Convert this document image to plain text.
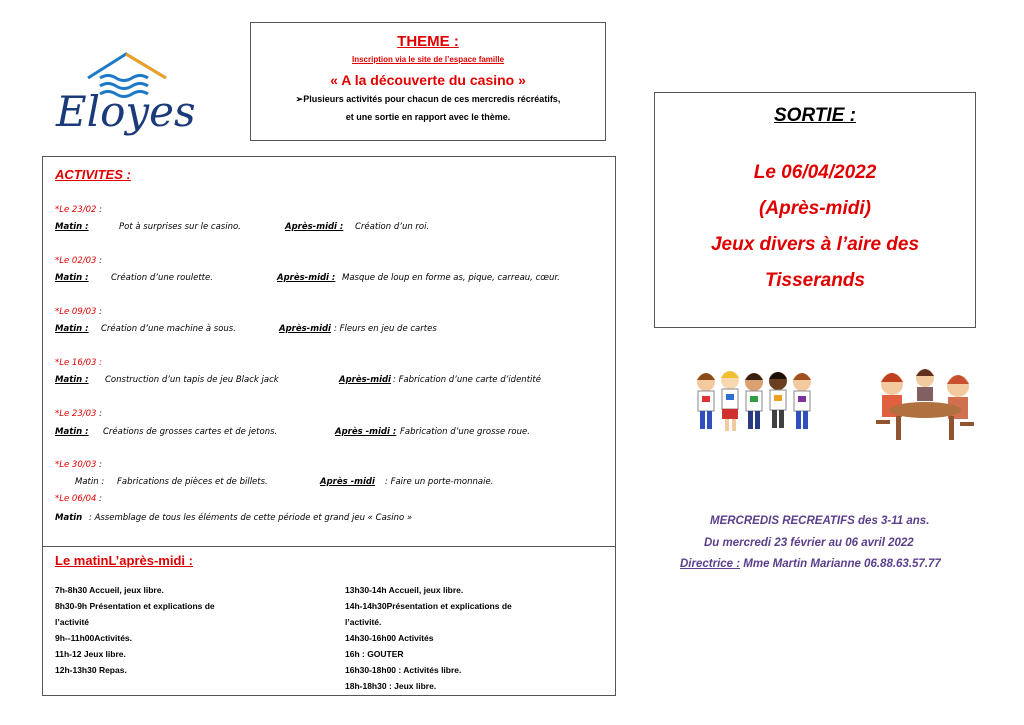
Eloyes
THEME :
Inscription via le site de l’espace famille
« A la découverte du casino »
➢Plusieurs activités pour chacun de ces mercredis récréatifs,
et une sortie en rapport avec le thème.
ACTIVITES :
*Le 23/02 :
Matin :	Pot à surprises sur le casino.	Après-midi : Création d’un roi.
*Le 02/03 :
Matin :	Création d’une roulette.	Après-midi : Masque de loup en forme as, pique, carreau, cœur.
*Le 09/03 :
Matin : Création d’une machine à sous.	Après-midi : Fleurs en jeu de cartes
*Le 16/03 :
Matin : Construction d’un tapis de jeu Black jack	Après-midi : Fabrication d’une carte d’identité
*Le 23/03 :
Matin : Créations de grosses cartes et de jetons.	Après -midi : Fabrication d’une grosse roue.
*Le 30/03 :
Matin : Fabrications de pièces et de billets.	Après -midi : Faire un porte-monnaie.
*Le 06/04 :
Matin : Assemblage de tous les éléments de cette période et grand jeu « Casino »
Le matinL’après-midi :
7h-8h30 Accueil, jeux libre.
8h30-9h Présentation et explications de
l’activité
9h--11h00Activités.
11h-12 Jeux libre.
12h-13h30 Repas.
13h30-14h Accueil, jeux libre.
14h-14h30Présentation et explications de
l’activité.
14h30-16h00 Activités
16h : GOUTER
16h30-18h00 : Activités libre.
18h-18h30 : Jeux libre.
SORTIE :
Le 06/04/2022
(Après-midi)
Jeux divers à l’aire des
Tisserands
MERCREDIS RECREATIFS des 3-11 ans.
Du mercredi 23 février au 06 avril 2022
Directrice : Mme Martin Marianne 06.88.63.57.77
